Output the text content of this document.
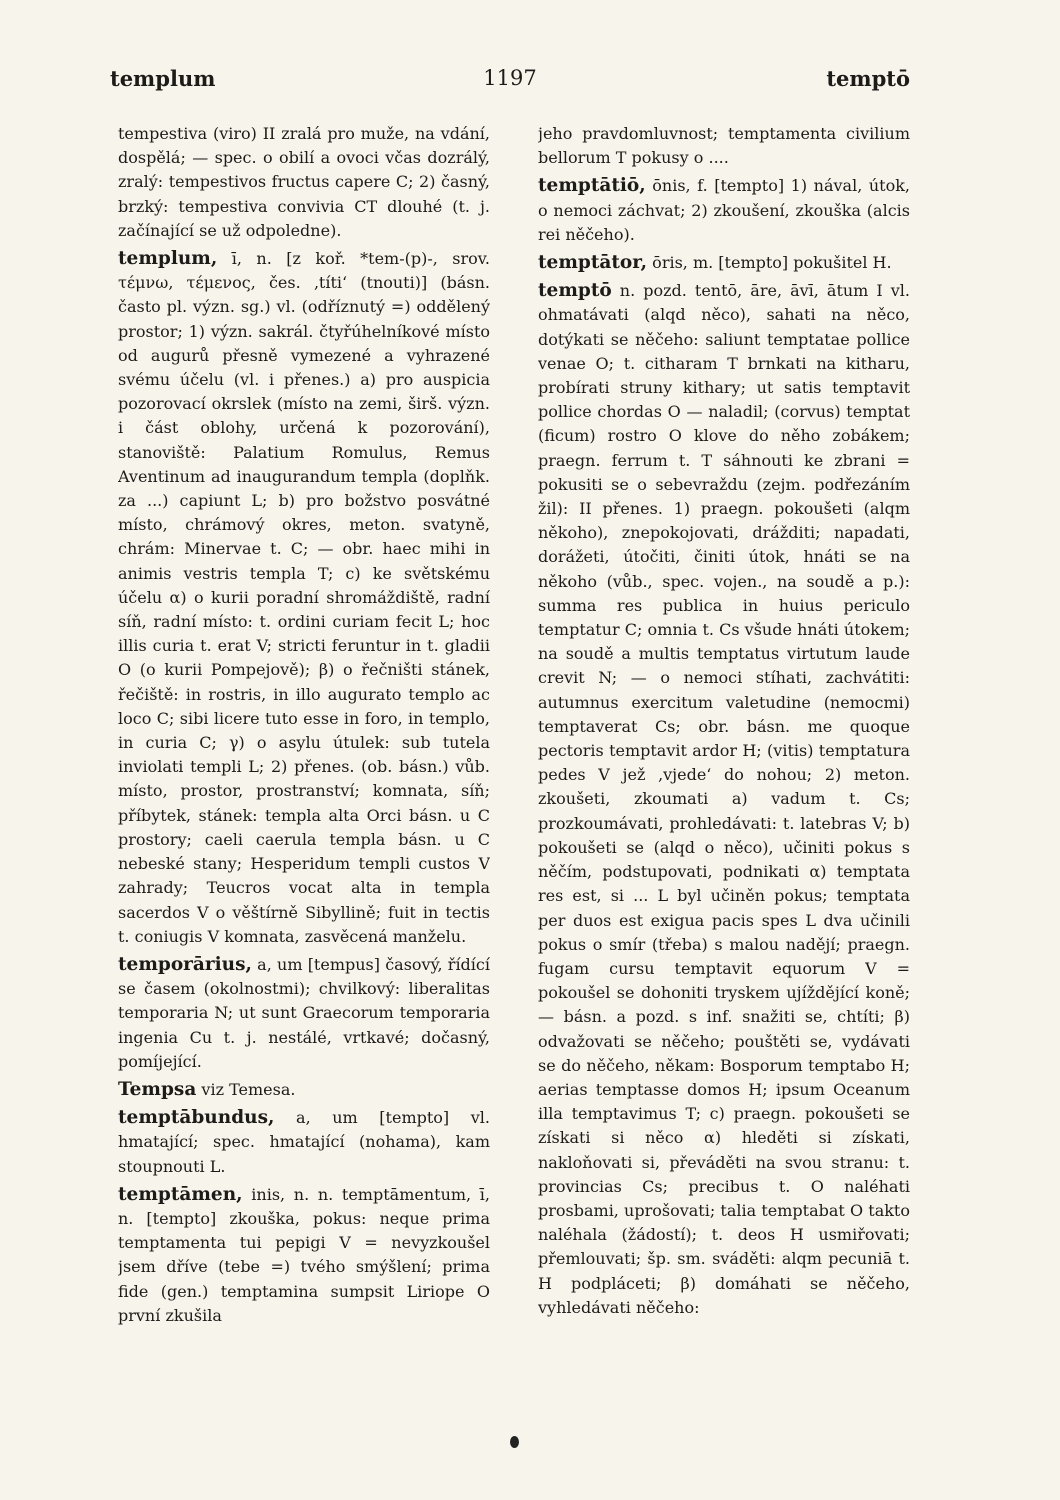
1197
templum	temptō

tempestiva (viro) II zralá pro muže, na vdání, dospělá; — spec. o obilí a ovoci včas dozrálý, zralý: tempestivos fructus capere C; 2) časný, brzký: tempestiva convivia CT dlouhé (t. j. začínající se už odpoledne).

templum, ī, n. [z koř. *tem-(p)-, srov. τέμνω, τέμενος, čes. ‚títi‘ (tnouti)] (básn. často pl. význ. sg.) vl. (odříznutý =) oddělený prostor; 1) význ. sakrál. čtyřúhelníkové místo od augurů přesně vymezené a vyhrazené svému účelu (vl. i přenes.) a) pro auspicia pozorovací okrslek (místo na zemi, širš. význ. i část oblohy, určená k pozorování), stanoviště: Palatium Romulus, Remus Aventinum ad inaugurandum templa (doplňk. za ...) capiunt L; b) pro božstvo posvátné místo, chrámový okres, meton. svatyně, chrám: Minervae t. C; — obr. haec mihi in animis vestris templa T; c) ke světskému účelu α) o kurii poradní shromáždiště, radní síň, radní místo: t. ordini curiam fecit L; hoc illis curia t. erat V; stricti feruntur in t. gladii O (o kurii Pompejově); β) o řečništi stánek, řečiště: in rostris, in illo augurato templo ac loco C; sibi licere tuto esse in foro, in templo, in curia C; γ) o asylu útulek: sub tutela inviolati templi L; 2) přenes. (ob. básn.) vůb. místo, prostor, prostranství; komnata, síň; příbytek, stánek: templa alta Orci básn. u C prostory; caeli caerula templa básn. u C nebeské stany; Hesperidum templi custos V zahrady; Teucros vocat alta in templa sacerdos V o věštírně Sibyllině; fuit in tectis t. coniugis V komnata, zasvěcená manželu.

temporārius, a, um [tempus] časový, řídící se časem (okolnostmi); chvilkový: liberalitas temporaria N; ut sunt Graecorum temporaria ingenia Cu t. j. nestálé, vrtkavé; dočasný, pomíjející.

Tempsa viz Temesa.

temptābundus, a, um [tempto] vl. hmatající; spec. hmatající (nohama), kam stoupnouti L.

temptāmen, inis, n. n. temptāmentum, ī, n. [tempto] zkouška, pokus: neque prima temptamenta tui pepigi V = nevyzkoušel jsem dříve (tebe =) tvého smýšlení; prima fide (gen.) temptamina sumpsit Liriope O první zkušila

jeho pravdomluvnost; temptamenta civilium bellorum T pokusy o ....

temptātiō, ōnis, f. [tempto] 1) nával, útok, o nemoci záchvat; 2) zkoušení, zkouška (alcis rei něčeho).

temptātor, ōris, m. [tempto] pokušitel H.

temptō n. pozd. tentō, āre, āvī, ātum I vl. ohmatávati (alqd něco), sahati na něco, dotýkati se něčeho: saliunt temptatae pollice venae O; t. citharam T brnkati na kitharu, probírati struny kithary; ut satis temptavit pollice chordas O — naladil; (corvus) temptat (ficum) rostro O klove do něho zobákem; praegn. ferrum t. T sáhnouti ke zbrani = pokusiti se o sebevraždu (zejm. podřezáním žil): II přenes. 1) praegn. pokoušeti (alqm někoho), znepokojovati, drážditi; napadati, dorážeti, útočiti, činiti útok, hnáti se na někoho (vůb., spec. vojen., na soudě a p.): summa res publica in huius periculo temptatur C; omnia t. Cs všude hnáti útokem; na soudě a multis temptatus virtutum laude crevit N; — o nemoci stíhati, zachvátiti: autumnus exercitum valetudine (nemocmi) temptaverat Cs; obr. básn. me quoque pectoris temptavit ardor H; (vitis) temptatura pedes V jež ‚vjede‘ do nohou; 2) meton. zkoušeti, zkoumati a) vadum t. Cs; prozkoumávati, prohledávati: t. latebras V; b) pokoušeti se (alqd o něco), učiniti pokus s něčím, podstupovati, podnikati α) temptata res est, si ... L byl učiněn pokus; temptata per duos est exigua pacis spes L dva učinili pokus o smír (třeba) s malou nadějí; praegn. fugam cursu temptavit equorum V = pokoušel se dohoniti tryskem ujíždějící koně; — básn. a pozd. s inf. snažiti se, chtíti; β) odvažovati se něčeho; pouštěti se, vydávati se do něčeho, někam: Bosporum temptabo H; aerias temptasse domos H; ipsum Oceanum illa temptavimus T; c) praegn. pokoušeti se získati si něco α) hleděti si získati, nakloňovati si, převáděti na svou stranu: t. provincias Cs; precibus t. O naléhati prosbami, uprošovati; talia temptabat O takto naléhala (žádostí); t. deos H usmiřovati; přemlouvati; šp. sm. sváděti: alqm pecuniā t. H podpláceti; β) domáhati se něčeho, vyhledávati něčeho:
